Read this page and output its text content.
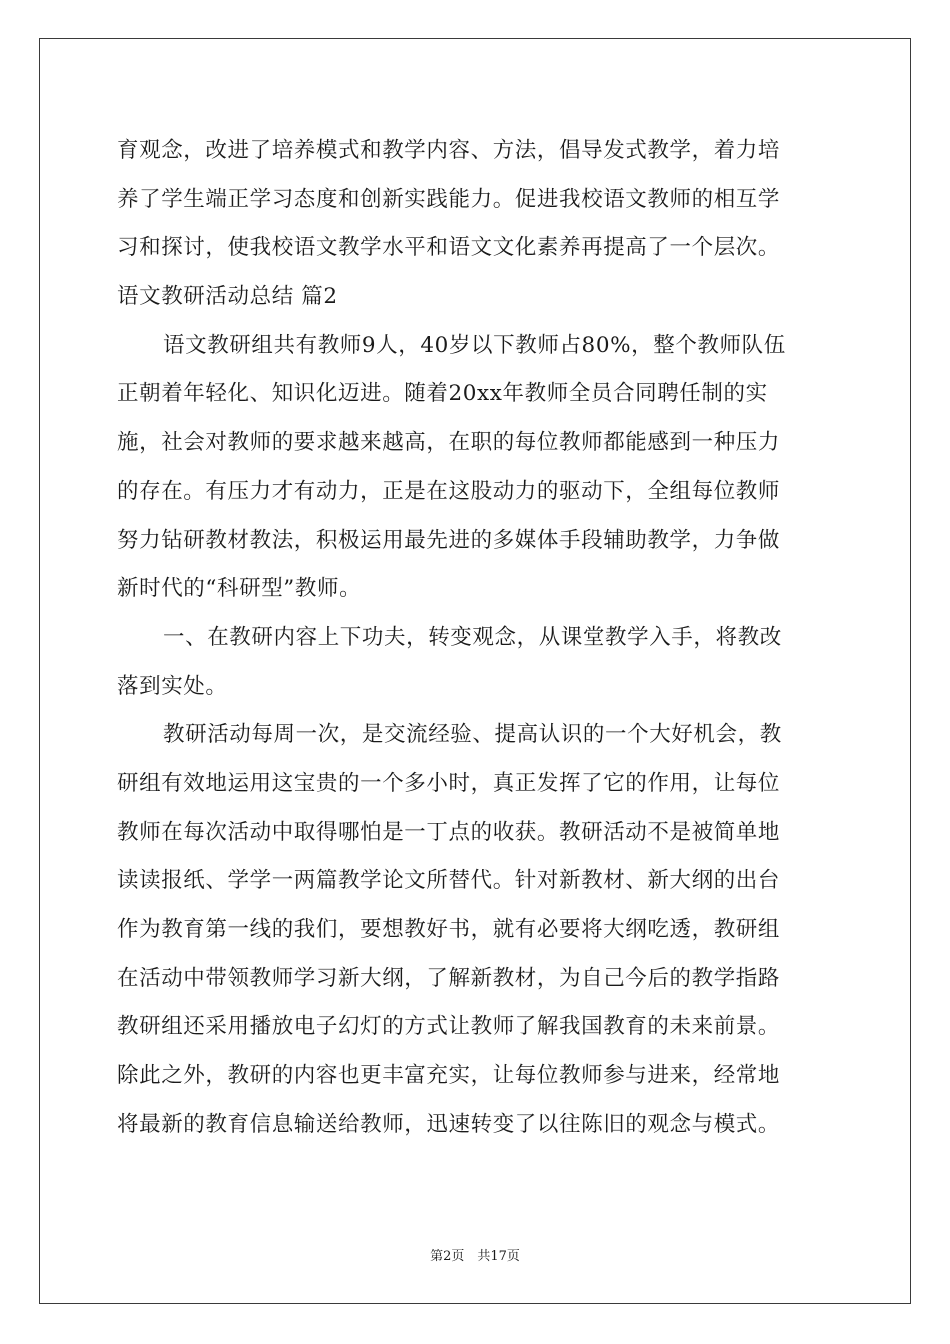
育观念，改进了培养模式和教学内容、方法，倡导发式教学，着力培
养了学生端正学习态度和创新实践能力。促进我校语文教师的相互学
习和探讨，使我校语文教学水平和语文文化素养再提高了一个层次。
语文教研活动总结 篇2
语文教研组共有教师9人，40岁以下教师占80%，整个教师队伍
正朝着年轻化、知识化迈进。随着20xx年教师全员合同聘任制的实
施，社会对教师的要求越来越高，在职的每位教师都能感到一种压力
的存在。有压力才有动力，正是在这股动力的驱动下，全组每位教师
努力钻研教材教法，积极运用最先进的多媒体手段辅助教学，力争做
新时代的“科研型”教师。
一、在教研内容上下功夫，转变观念，从课堂教学入手，将教改
落到实处。
教研活动每周一次，是交流经验、提高认识的一个大好机会，教
研组有效地运用这宝贵的一个多小时，真正发挥了它的作用，让每位
教师在每次活动中取得哪怕是一丁点的收获。教研活动不是被简单地
读读报纸、学学一两篇教学论文所替代。针对新教材、新大纲的出台
作为教育第一线的我们，要想教好书，就有必要将大纲吃透，教研组
在活动中带领教师学习新大纲，了解新教材，为自己今后的教学指路
教研组还采用播放电子幻灯的方式让教师了解我国教育的未来前景。
除此之外，教研的内容也更丰富充实，让每位教师参与进来，经常地
将最新的教育信息输送给教师，迅速转变了以往陈旧的观念与模式。
第2页　共17页
